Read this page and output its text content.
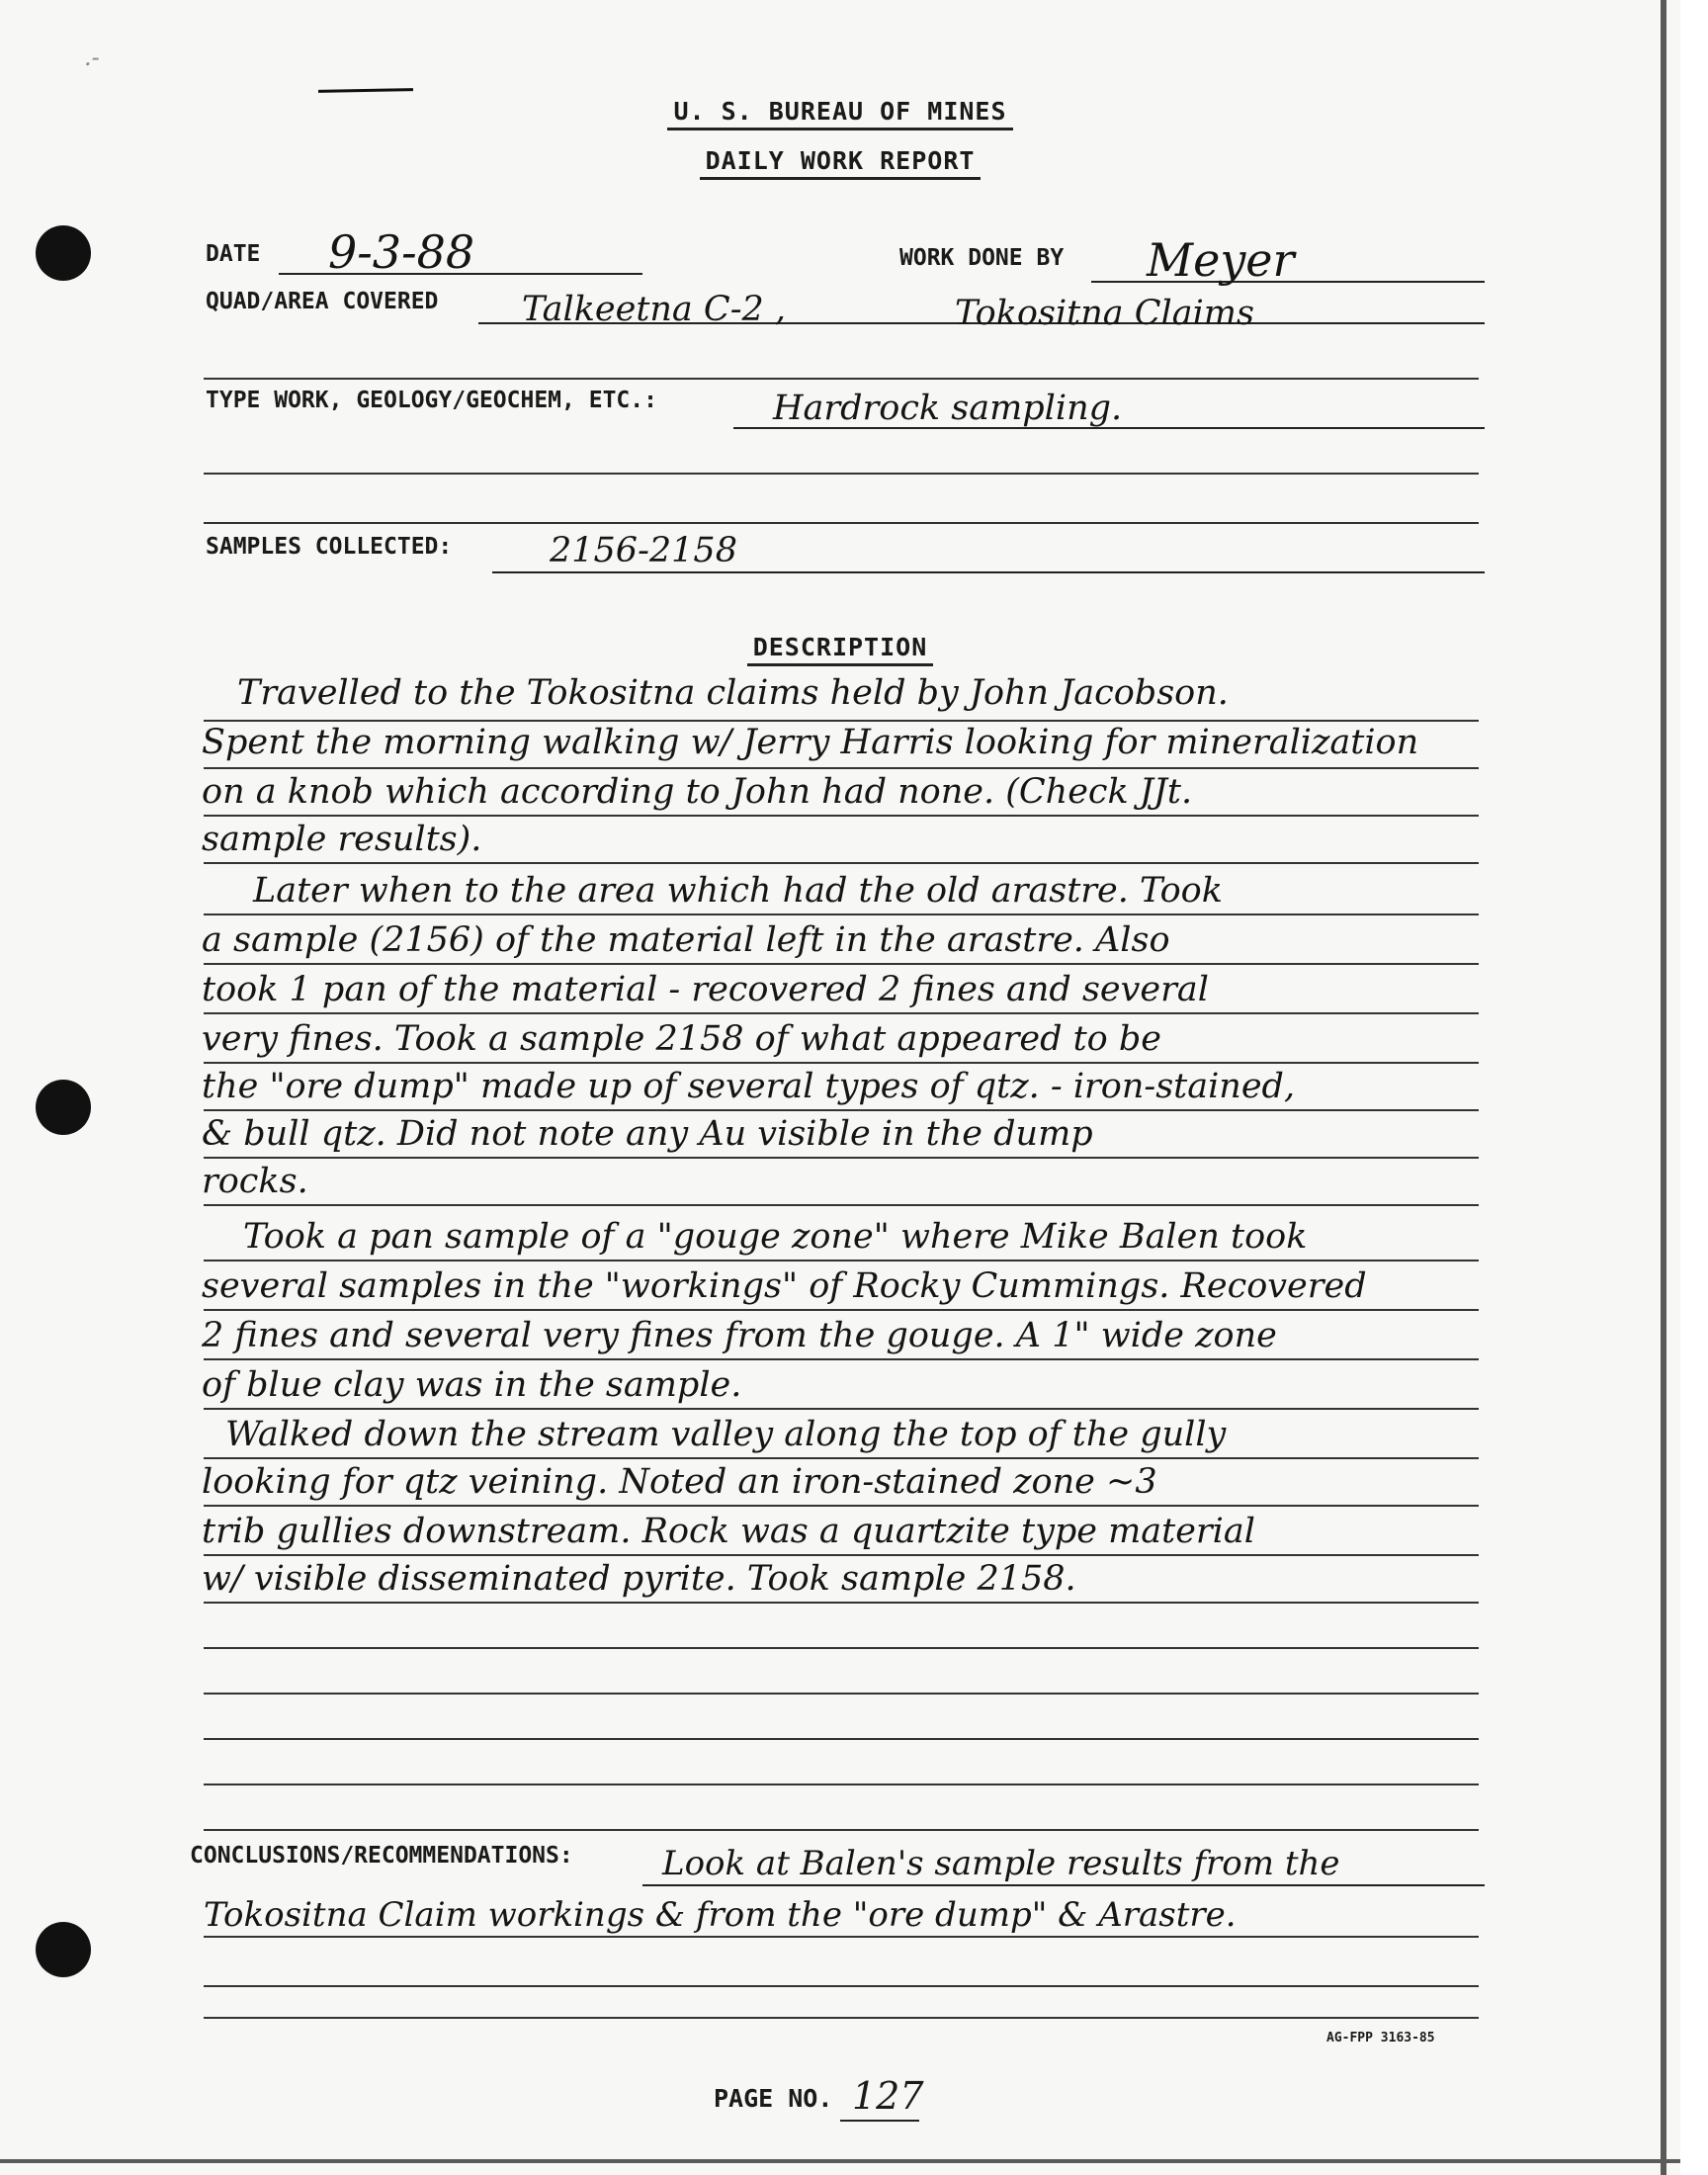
.‐
U. S. BUREAU OF MINES
DAILY WORK REPORT
DATE 9-3-88	WORK DONE BY Meyer
QUAD/AREA COVERED Talkeetna C-2 ,	Tokositna Claims
TYPE WORK, GEOLOGY/GEOCHEM, ETC.:	Hardrock sampling.
SAMPLES COLLECTED:	2156-2158
DESCRIPTION
Travelled to the Tokositna claims held by John Jacobson.
Spent the morning walking w/ Jerry Harris looking for mineralization
on a knob which according to John had none. (Check JJt.
sample results).
Later when to the area which had the old arastre. Took
a sample (2156) of the material left in the arastre. Also
took 1 pan of the material - recovered 2 fines and several
very fines. Took a sample 2158 of what appeared to be
the "ore dump" made up of several types of qtz. - iron-stained,
& bull qtz. Did not note any Au visible in the dump
rocks.
Took a pan sample of a "gouge zone" where Mike Balen took
several samples in the "workings" of Rocky Cummings. Recovered
2 fines and several very fines from the gouge. A 1" wide zone
of blue clay was in the sample.
Walked down the stream valley along the top of the gully
looking for qtz veining. Noted an iron-stained zone ~3
trib gullies downstream. Rock was a quartzite type material
w/ visible disseminated pyrite. Took sample 2158.
CONCLUSIONS/RECOMMENDATIONS:	Look at Balen's sample results from the
Tokositna Claim workings & from the "ore dump" & Arastre.
AG-FPP 3163-85
PAGE NO. 127
